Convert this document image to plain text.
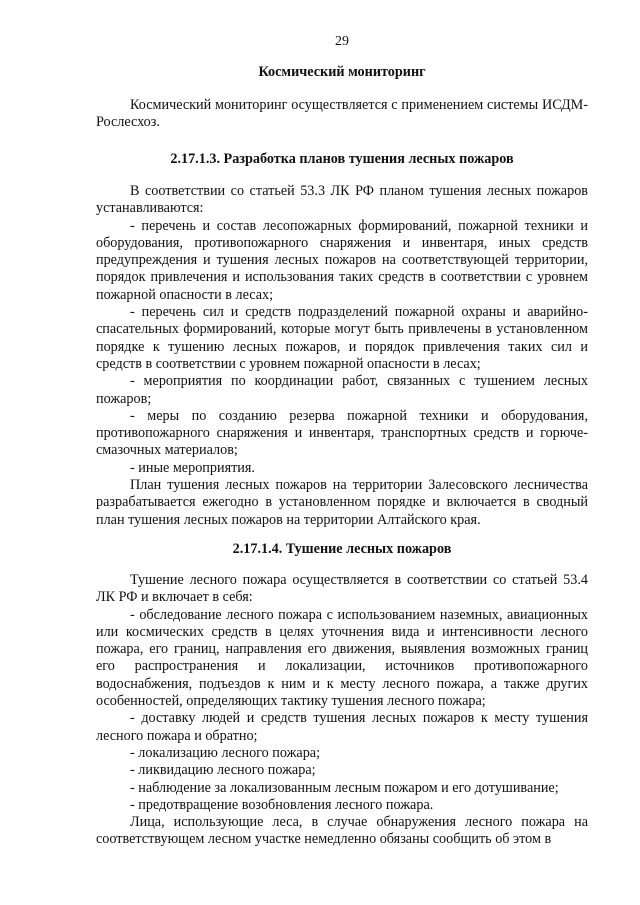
29
Космический мониторинг

Космический мониторинг осуществляется с применением системы ИСДМ-Рослесхоз.

2.17.1.3. Разработка планов тушения лесных пожаров

В соответствии со статьей 53.3 ЛК РФ планом тушения лесных пожаров устанавливаются:

- перечень и состав лесопожарных формирований, пожарной техники и оборудования, противопожарного снаряжения и инвентаря, иных средств предупреждения и тушения лесных пожаров на соответствующей территории, порядок привлечения и использования таких средств в соответствии с уровнем пожарной опасности в лесах;

- перечень сил и средств подразделений пожарной охраны и аварийно-спасательных формирований, которые могут быть привлечены в установленном порядке к тушению лесных пожаров, и порядок привлечения таких сил и средств в соответствии с уровнем пожарной опасности в лесах;

- мероприятия по координации работ, связанных с тушением лесных пожаров;

- меры по созданию резерва пожарной техники и оборудования, противопожарного снаряжения и инвентаря, транспортных средств и горюче-смазочных материалов;

- иные мероприятия.

План тушения лесных пожаров на территории Залесовского лесничества разрабатывается ежегодно в установленном порядке и включается в сводный план тушения лесных пожаров на территории Алтайского края.

2.17.1.4. Тушение лесных пожаров

Тушение лесного пожара осуществляется в соответствии со статьей 53.4 ЛК РФ и включает в себя:

- обследование лесного пожара с использованием наземных, авиационных или космических средств в целях уточнения вида и интенсивности лесного пожара, его границ, направления его движения, выявления возможных границ его распространения и локализации, источников противопожарного водоснабжения, подъездов к ним и к месту лесного пожара, а также других особенностей, определяющих тактику тушения лесного пожара;

- доставку людей и средств тушения лесных пожаров к месту тушения лесного пожара и обратно;

- локализацию лесного пожара;

- ликвидацию лесного пожара;

- наблюдение за локализованным лесным пожаром и его дотушивание;

- предотвращение возобновления лесного пожара.

Лица, использующие леса, в случае обнаружения лесного пожара на соответствующем лесном участке немедленно обязаны сообщить об этом в
